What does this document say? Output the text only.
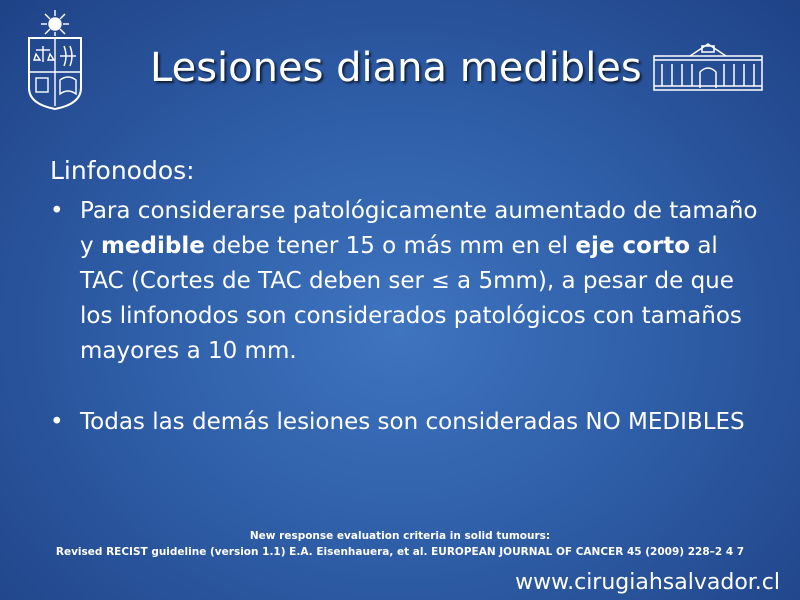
Lesiones diana medibles
Linfonodos:
• Para considerarse patológicamente aumentado de tamaño y medible debe tener 15 o más mm en el eje corto al TAC (Cortes de TAC deben ser ≤ a 5mm), a pesar de que los linfonodos son considerados patológicos con tamaños mayores a 10 mm.
• Todas las demás lesiones son consideradas NO MEDIBLES
New response evaluation criteria in solid tumours:
Revised RECIST guideline (version 1.1) E.A. Eisenhauera, et al. EUROPEAN JOURNAL OF CANCER 45 (2009) 228–2 4 7
www.cirugiahsalvador.cl
